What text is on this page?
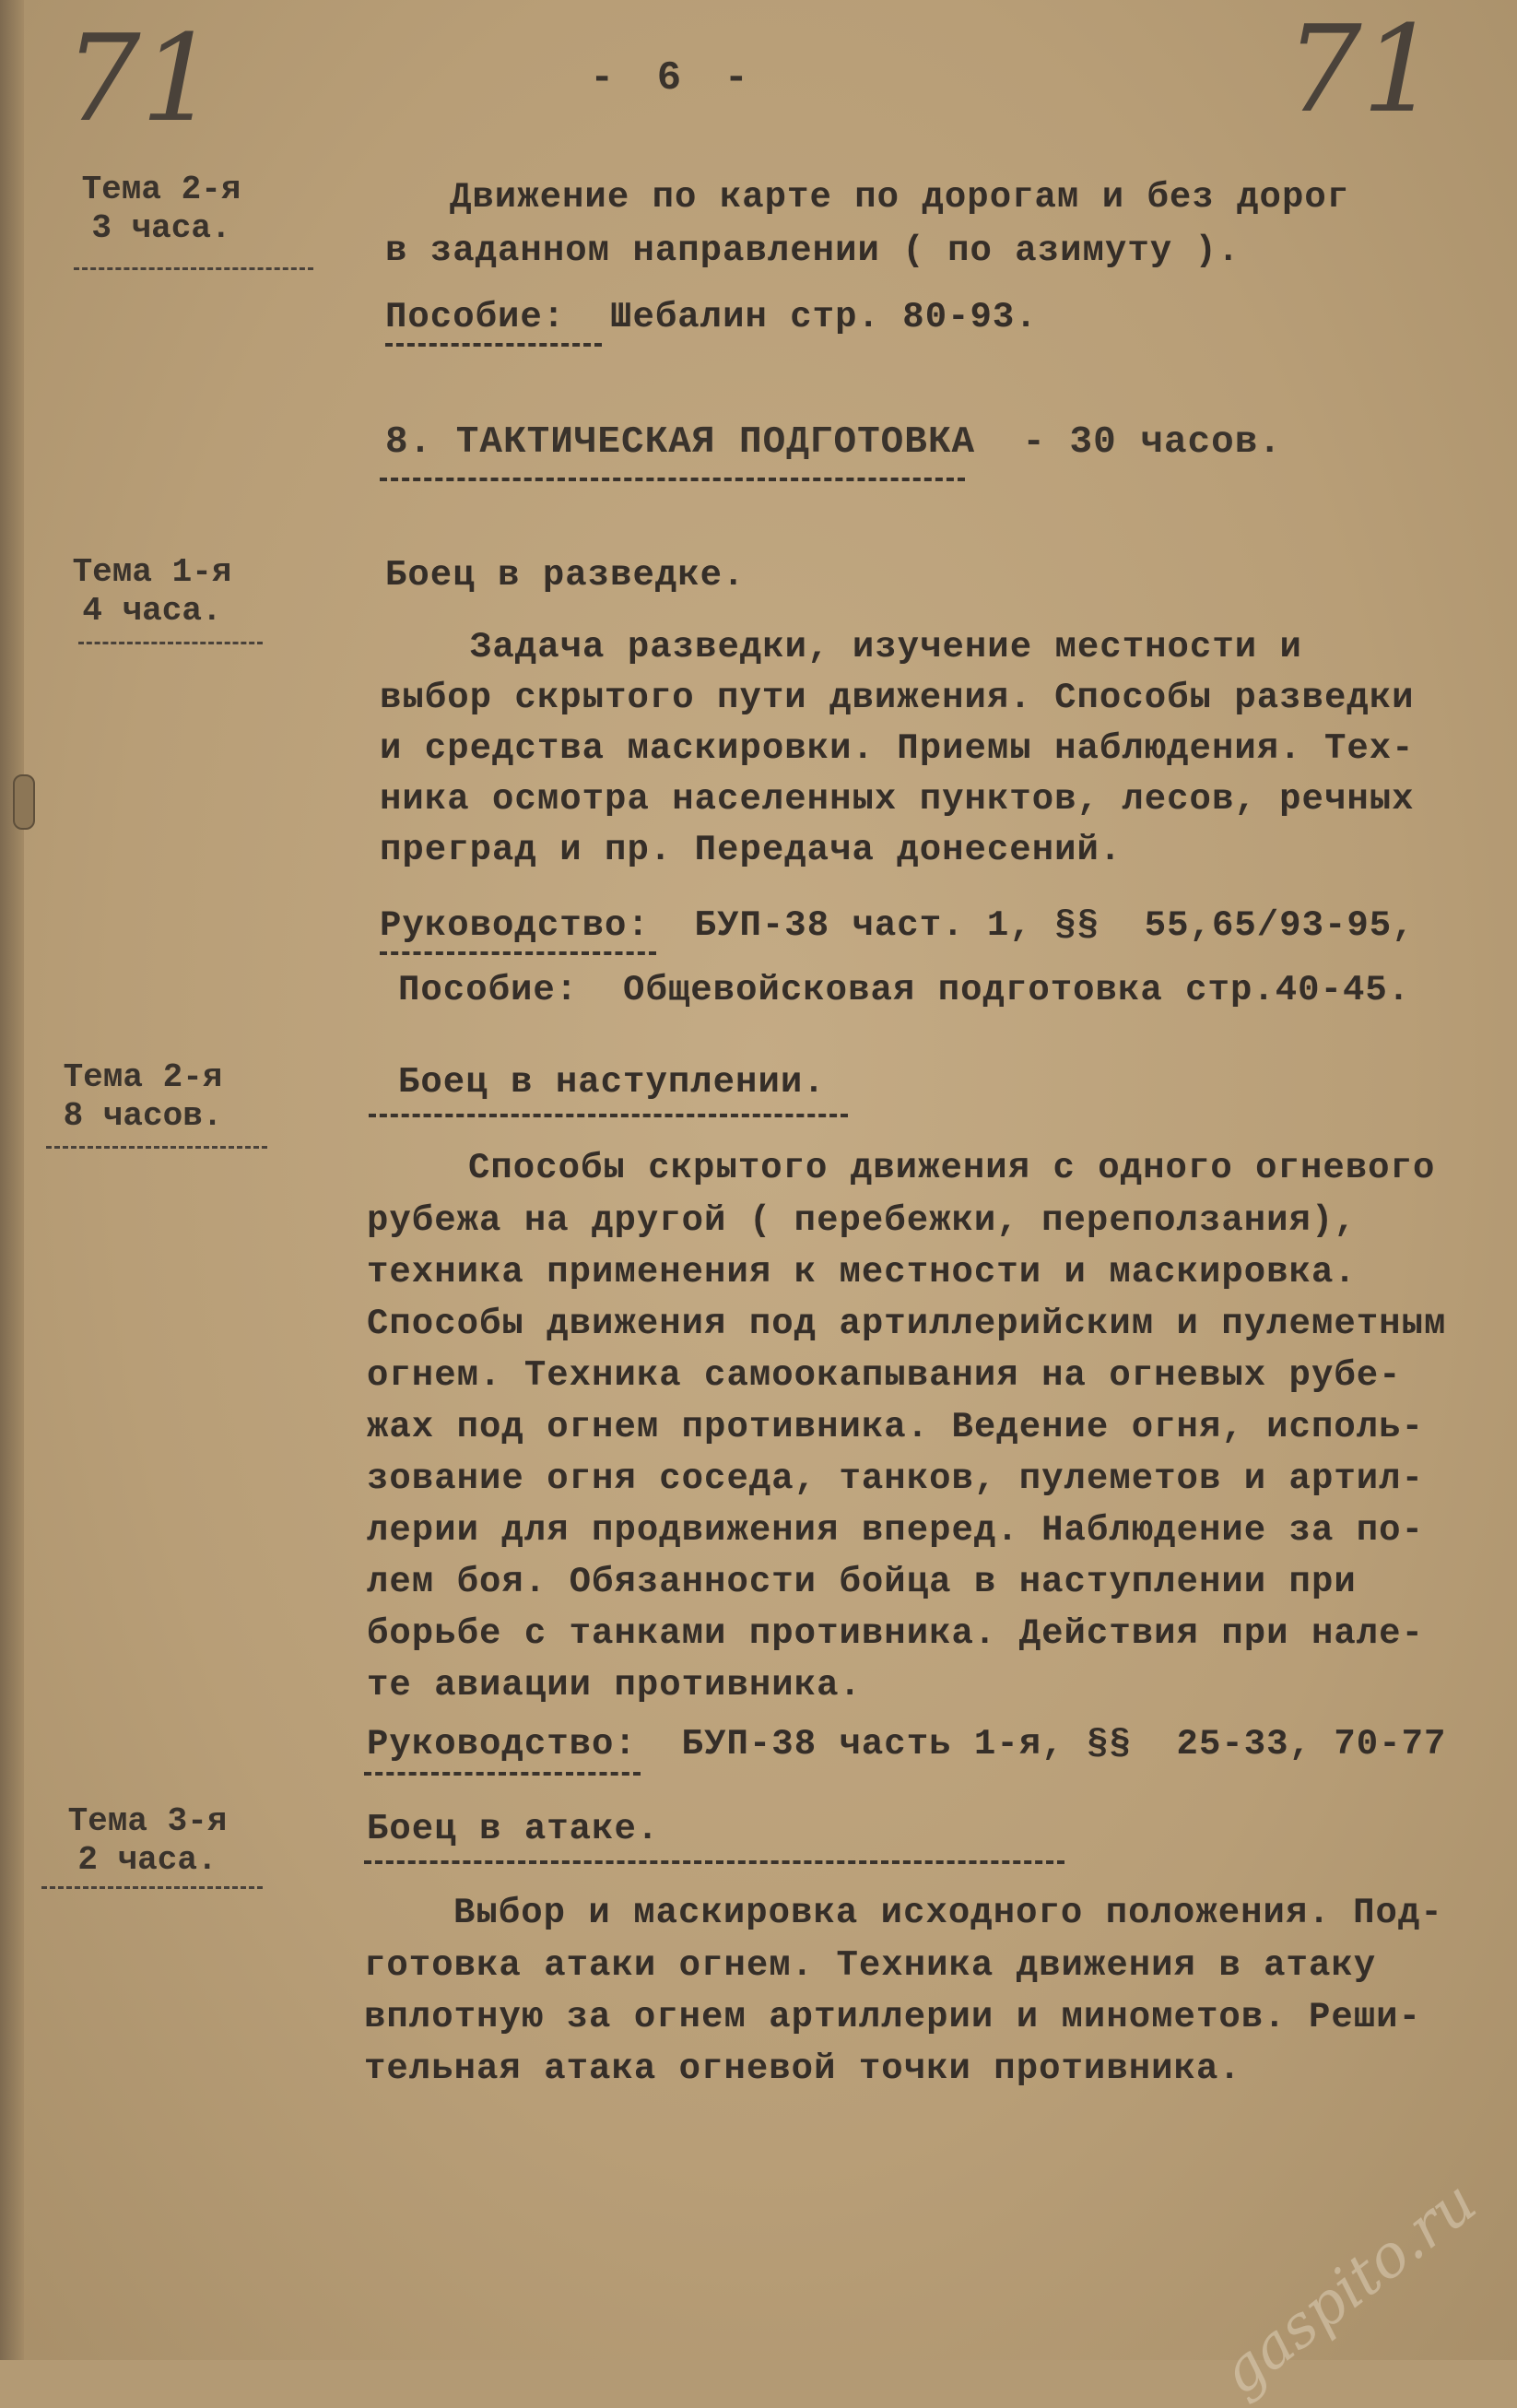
71	71
- 6 -
Тема 2-я
3 часа.
Движение по карте по дорогам и без дорог
в заданном направлении ( по азимуту ).
Пособие: Шебалин стр. 80-93.
8. ТАКТИЧЕСКАЯ ПОДГОТОВКА - 30 часов.
Тема 1-я
4 часа.
Боец в разведке.
Задача разведки, изучение местности и
выбор скрытого пути движения. Способы разведки
и средства маскировки. Приемы наблюдения. Тех-
ника осмотра населенных пунктов, лесов, речных
преград и пр. Передача донесений.
Руководство: БУП-38 част. 1, §§  55,65/93-95,
Пособие: Общевойсковая подготовка стр.40-45.
Тема 2-я
8 часов.
Боец в наступлении.
Способы скрытого движения с одного огневого
рубежа на другой ( перебежки, переползания),
техника применения к местности и маскировка.
Способы движения под артиллерийским и пулеметным
огнем. Техника самоокапывания на огневых рубе-
жах под огнем противника. Ведение огня, исполь-
зование огня соседа, танков, пулеметов и артил-
лерии для продвижения вперед. Наблюдение за по-
лем боя. Обязанности бойца в наступлении при
борьбе с танками противника. Действия при нале-
те авиации противника.
Руководство: БУП-38 часть 1-я, §§  25-33, 70-77
Тема 3-я
2 часа.
Боец в атаке.
Выбор и маскировка исходного положения. Под-
готовка атаки огнем. Техника движения в атаку
вплотную за огнем артиллерии и минометов. Реши-
тельная атака огневой точки противника.
gaspito.ru
